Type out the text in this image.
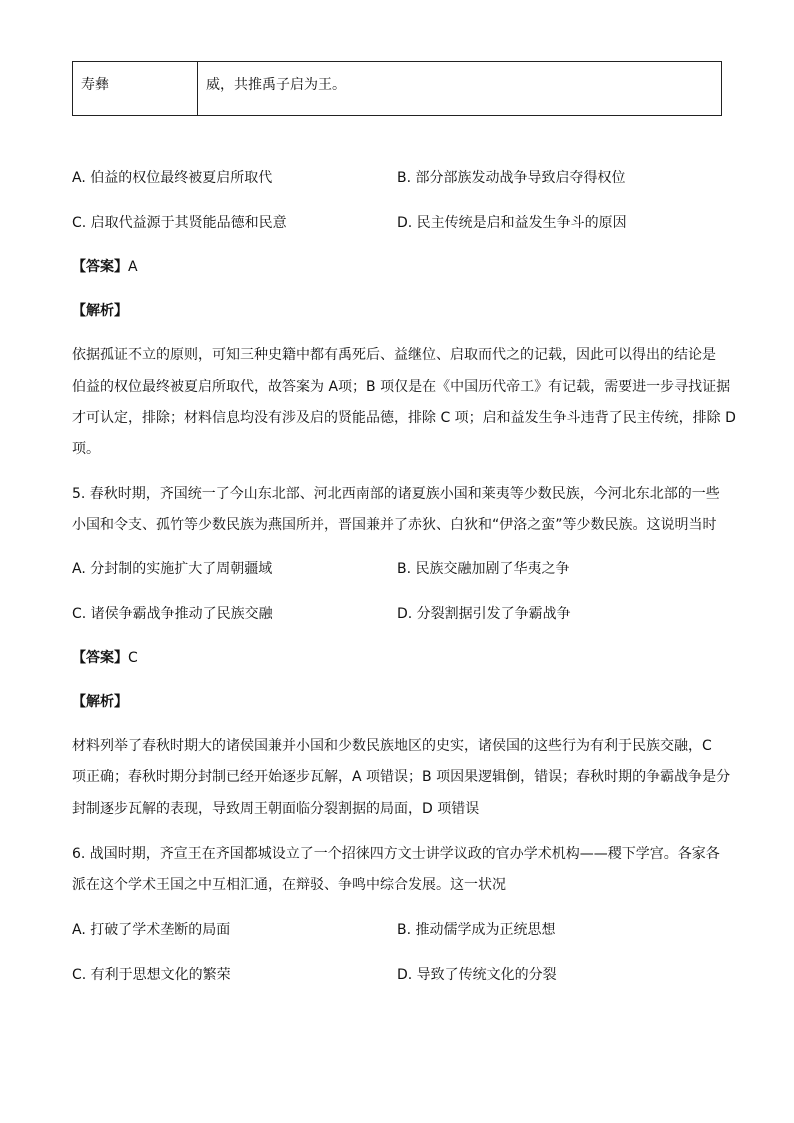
寿彝	威，共推禹子启为王。
A. 伯益的权位最终被夏启所取代	B. 部分部族发动战争导致启夺得权位
C. 启取代益源于其贤能品德和民意	D. 民主传统是启和益发生争斗的原因
【答案】A
【解析】
依据孤证不立的原则，可知三种史籍中都有禹死后、益继位、启取而代之的记载，因此可以得出的结论是
伯益的权位最终被夏启所取代，故答案为 A项；B 项仅是在《中国历代帝工》有记载，需要进一步寻找证据
才可认定，排除；材料信息均没有涉及启的贤能品德，排除 C 项；启和益发生争斗违背了民主传统，排除 D
项。
5. 春秋时期，齐国统一了今山东北部、河北西南部的诸夏族小国和莱夷等少数民族，今河北东北部的一些
小国和令支、孤竹等少数民族为燕国所并，晋国兼并了赤狄、白狄和“伊洛之蛮”等少数民族。这说明当时
A. 分封制的实施扩大了周朝疆域	B. 民族交融加剧了华夷之争
C. 诸侯争霸战争推动了民族交融	D. 分裂割据引发了争霸战争
【答案】C
【解析】
材料列举了春秋时期大的诸侯国兼并小国和少数民族地区的史实，诸侯国的这些行为有利于民族交融，C
项正确；春秋时期分封制已经开始逐步瓦解，A 项错误；B 项因果逻辑倒，错误；春秋时期的争霸战争是分
封制逐步瓦解的表现，导致周王朝面临分裂割据的局面，D 项错误
6. 战国时期，齐宣王在齐国都城设立了一个招徕四方文士讲学议政的官办学术机构——稷下学宫。各家各
派在这个学术王国之中互相汇通，在辩驳、争鸣中综合发展。这一状况
A. 打破了学术垄断的局面	B. 推动儒学成为正统思想
C. 有利于思想文化的繁荣	D. 导致了传统文化的分裂
